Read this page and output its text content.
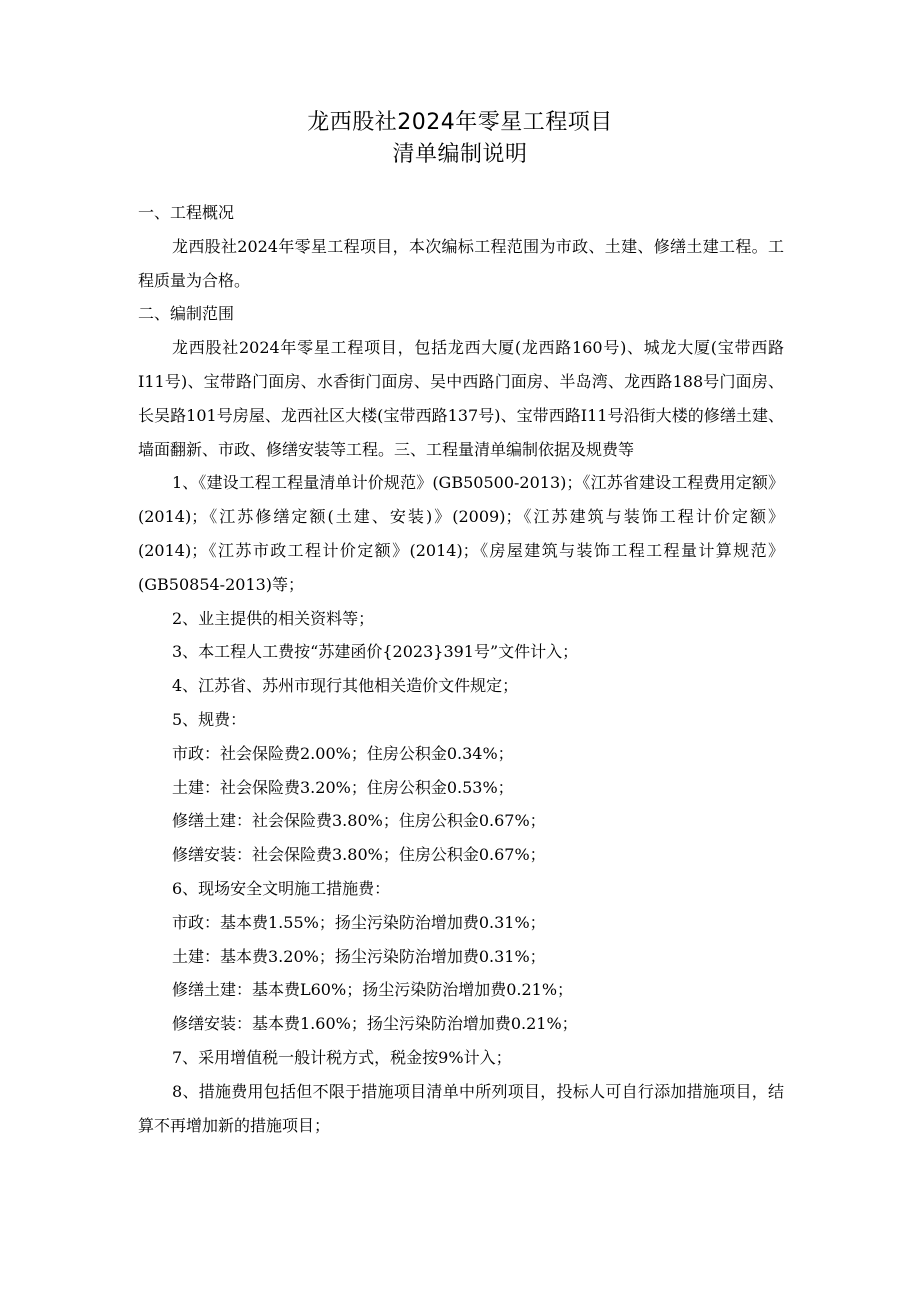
龙西股社2024年零星工程项目
清单编制说明

一、工程概况

龙西股社2024年零星工程项目，本次编标工程范围为市政、土建、修缮土建工程。工程质量为合格。

二、编制范围

龙西股社2024年零星工程项目，包括龙西大厦(龙西路160号)、城龙大厦(宝带西路I11号)、宝带路门面房、水香街门面房、吴中西路门面房、半岛湾、龙西路188号门面房、长吴路101号房屋、龙西社区大楼(宝带西路137号)、宝带西路I11号沿街大楼的修缮土建、墙面翻新、市政、修缮安装等工程。三、工程量清单编制依据及规费等

1、《建设工程工程量清单计价规范》(GB50500-2013)；《江苏省建设工程费用定额》(2014)；《江苏修缮定额(土建、安装)》(2009)；《江苏建筑与装饰工程计价定额》(2014)；《江苏市政工程计价定额》(2014)；《房屋建筑与装饰工程工程量计算规范》(GB50854-2013)等；

2、业主提供的相关资料等；

3、本工程人工费按“苏建函价{2023}391号”文件计入；

4、江苏省、苏州市现行其他相关造价文件规定；

5、规费：

市政：社会保险费2.00%；住房公积金0.34%；

土建：社会保险费3.20%；住房公积金0.53%；

修缮土建：社会保险费3.80%；住房公积金0.67%；

修缮安装：社会保险费3.80%；住房公积金0.67%；

6、现场安全文明施工措施费：

市政：基本费1.55%；扬尘污染防治增加费0.31%；

土建：基本费3.20%；扬尘污染防治增加费0.31%；

修缮土建：基本费L60%；扬尘污染防治增加费0.21%；

修缮安装：基本费1.60%；扬尘污染防治增加费0.21%；

7、采用增值税一般计税方式，税金按9%计入；

8、措施费用包括但不限于措施项目清单中所列项目，投标人可自行添加措施项目，结算不再增加新的措施项目；
